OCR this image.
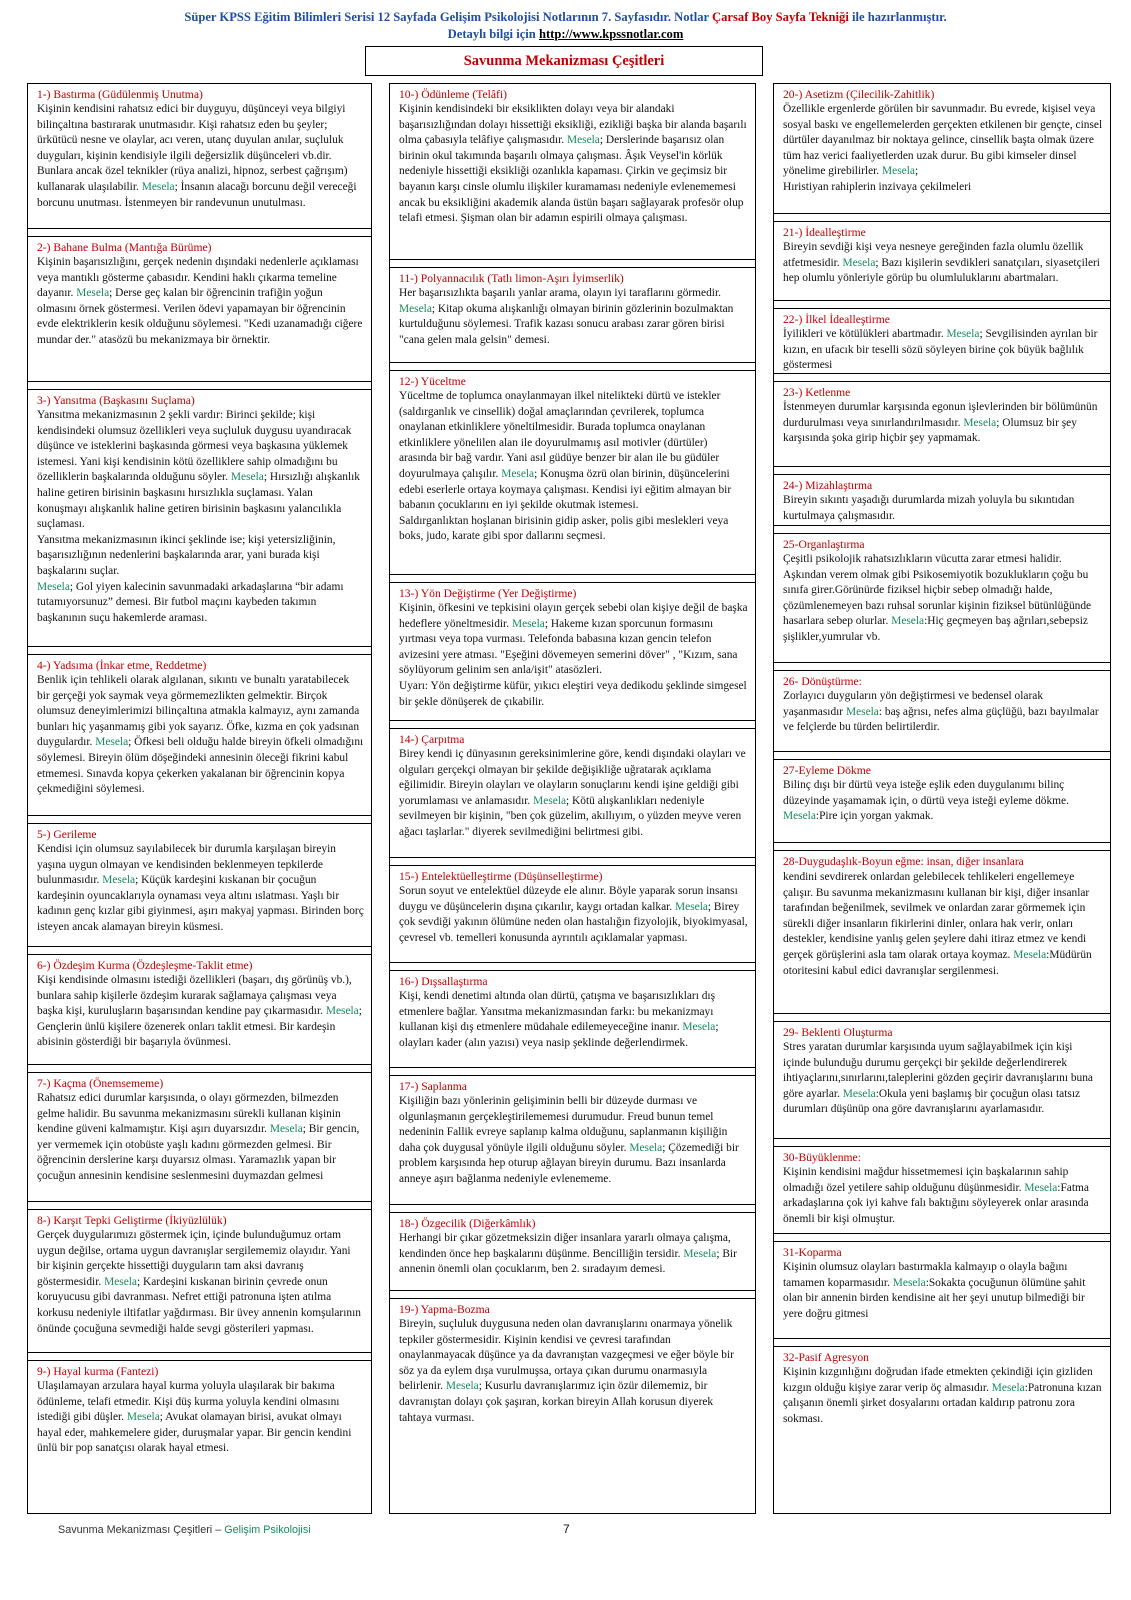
Süper KPSS Eğitim Bilimleri Serisi 12 Sayfada Gelişim Psikolojisi Notlarının 7. Sayfasıdır. Notlar Çarsaf Boy Sayfa Tekniği ile hazırlanmıştır.
Detaylı bilgi için http://www.kpssnotlar.com
Savunma Mekanizması Çeşitleri
1-) Bastırma (Güdülenmiş Unutma)
Kişinin kendisini rahatsız edici bir duyguyu, düşünceyi veya bilgiyi bilinçaltına bastırarak unutmasıdır. Kişi rahatsız eden bu şeyler; ürkütücü nesne ve olaylar, acı veren, utanç duyulan anılar, suçluluk duyguları, kişinin kendisiyle ilgili değersizlik düşünceleri vb.dir. Bunlara ancak özel teknikler (rüya analizi, hipnoz, serbest çağrışım) kullanarak ulaşılabilir. Mesela; İnsanın alacağı borcunu değil vereceği borcunu unutması. İstenmeyen bir randevunun unutulması.
2-) Bahane Bulma (Mantığa Bürüme)
Kişinin başarısızlığını, gerçek nedenin dışındaki nedenlerle açıklaması veya mantıklı gösterme çabasıdır. Kendini haklı çıkarma temeline dayanır. Mesela; Derse geç kalan bir öğrencinin trafiğin yoğun olmasını örnek göstermesi. Verilen ödevi yapamayan bir öğrencinin evde elektriklerin kesik olduğunu söylemesi. "Kedi uzanamadığı ciğere mundar der." atasözü bu mekanizmaya bir örnektir.
3-) Yansıtma (Başkasını Suçlama)
Yansıtma mekanizmasının 2 şekli vardır: Birinci şekilde; kişi kendisindeki olumsuz özellikleri veya suçluluk duygusu uyandıracak düşünce ve isteklerini başkasında görmesi veya başkasına yüklemek istemesi. Yani kişi kendisinin kötü özelliklere sahip olmadığını bu özelliklerin başkalarında olduğunu söyler. Mesela; Hırsızlığı alışkanlık haline getiren birisinin başkasını hırsızlıkla suçlaması. Yalan konuşmayı alışkanlık haline getiren birisinin başkasını yalancılıkla suçlaması.
Yansıtma mekanizmasının ikinci şeklinde ise; kişi yetersizliğinin, başarısızlığının nedenlerini başkalarında arar, yani burada kişi başkalarını suçlar.
Mesela; Gol yiyen kalecinin savunmadaki arkadaşlarına “bir adamı tutamıyorsunuz” demesi. Bir futbol maçını kaybeden takımın başkanının suçu hakemlerde araması.
4-) Yadsıma (İnkar etme, Reddetme)
Benlik için tehlikeli olarak algılanan, sıkıntı ve bunaltı yaratabilecek bir gerçeği yok saymak veya görmemezlikten gelmektir. Birçok olumsuz deneyimlerimizi bilinçaltına atmakla kalmayız, aynı zamanda bunları hiç yaşanmamış gibi yok sayarız. Öfke, kızma en çok yadsınan duygulardır. Mesela; Öfkesi beli olduğu halde bireyin öfkeli olmadığını söylemesi. Bireyin ölüm döşeğindeki annesinin öleceği fikrini kabul etmemesi. Sınavda kopya çekerken yakalanan bir öğrencinin kopya çekmediğini söylemesi.
5-) Gerileme
Kendisi için olumsuz sayılabilecek bir durumla karşılaşan bireyin yaşına uygun olmayan ve kendisinden beklenmeyen tepkilerde bulunmasıdır. Mesela; Küçük kardeşini kıskanan bir çocuğun kardeşinin oyuncaklarıyla oynaması veya altını ıslatması. Yaşlı bir kadının genç kızlar gibi giyinmesi, aşırı makyaj yapması. Birinden borç isteyen ancak alamayan bireyin küsmesi.
6-) Özdeşim Kurma (Özdeşleşme-Taklit etme)
Kişi kendisinde olmasını istediği özellikleri (başarı, dış görünüş vb.), bunlara sahip kişilerle özdeşim kurarak sağlamaya çalışması veya başka kişi, kuruluşların başarısından kendine pay çıkarmasıdır. Mesela; Gençlerin ünlü kişilere özenerek onları taklit etmesi. Bir kardeşin abisinin gösterdiği bir başarıyla övünmesi.
7-) Kaçma (Önemsememe)
Rahatsız edici durumlar karşısında, o olayı görmezden, bilmezden gelme halidir. Bu savunma mekanizmasını sürekli kullanan kişinin kendine güveni kalmamıştır. Kişi aşırı duyarsızdır. Mesela; Bir gencin, yer vermemek için otobüste yaşlı kadını görmezden gelmesi. Bir öğrencinin derslerine karşı duyarsız olması. Yaramazlık yapan bir çocuğun annesinin kendisine seslenmesini duymazdan gelmesi
8-) Karşıt Tepki Geliştirme (İkiyüzlülük)
Gerçek duygularımızı göstermek için, içinde bulunduğumuz ortam uygun değilse, ortama uygun davranışlar sergilememiz olayıdır. Yani bir kişinin gerçekte hissettiği duyguların tam aksi davranış göstermesidir. Mesela; Kardeşini kıskanan birinin çevrede onun koruyucusu gibi davranması. Nefret ettiği patronuna işten atılma korkusu nedeniyle iltifatlar yağdırması. Bir üvey annenin komşularının önünde çocuğuna sevmediği halde sevgi gösterileri yapması.
9-) Hayal kurma (Fantezi)
Ulaşılamayan arzulara hayal kurma yoluyla ulaşılarak bir bakıma ödünleme, telafi etmedir. Kişi düş kurma yoluyla kendini olmasını istediği gibi düşler. Mesela; Avukat olamayan birisi, avukat olmayı hayal eder, mahkemelere gider, duruşmalar yapar. Bir gencin kendini ünlü bir pop sanatçısı olarak hayal etmesi.
10-) Ödünleme (Telâfi)
Kişinin kendisindeki bir eksiklikten dolayı veya bir alandaki başarısızlığından dolayı hissettiği eksikliği, ezikliği başka bir alanda başarılı olma çabasıyla telâfiye çalışmasıdır. Mesela; Derslerinde başarısız olan birinin okul takımında başarılı olmaya çalışması. Âşık Veysel'in körlük nedeniyle hissettiği eksikliği ozanlıkla kapaması. Çirkin ve geçimsiz bir bayanın karşı cinsle olumlu ilişkiler kuramaması nedeniyle evlenememesi ancak bu eksikliğini akademik alanda üstün başarı sağlayarak profesör olup telafi etmesi. Şişman olan bir adamın espirili olmaya çalışması.
11-) Polyannacılık (Tatlı limon-Aşırı İyimserlik)
Her başarısızlıkta başarılı yanlar arama, olayın iyi taraflarını görmedir. Mesela; Kitap okuma alışkanlığı olmayan birinin gözlerinin bozulmaktan kurtulduğunu söylemesi. Trafik kazası sonucu arabası zarar gören birisi "cana gelen mala gelsin" demesi.
12-) Yüceltme
Yüceltme de toplumca onaylanmayan ilkel nitelikteki dürtü ve istekler (saldırganlık ve cinsellik) doğal amaçlarından çevrilerek, toplumca onaylanan etkinliklere yöneltilmesidir. Burada toplumca onaylanan etkinliklere yönelilen alan ile doyurulmamış asıl motivler (dürtüler) arasında bir bağ vardır. Yani asıl güdüye benzer bir alan ile bu güdüler doyurulmaya çalışılır. Mesela; Konuşma özrü olan birinin, düşüncelerini edebi eserlerle ortaya koymaya çalışması. Kendisi iyi eğitim almayan bir babanın çocuklarını en iyi şekilde okutmak istemesi.
Saldırganlıktan hoşlanan birisinin gidip asker, polis gibi meslekleri veya boks, judo, karate gibi spor dallarını seçmesi.
13-) Yön Değiştirme (Yer Değiştirme)
Kişinin, öfkesini ve tepkisini olayın gerçek sebebi olan kişiye değil de başka hedeflere yöneltmesidir. Mesela; Hakeme kızan sporcunun formasını yırtması veya topa vurması. Telefonda babasına kızan gencin telefon avizesini yere atması. "Eşeğini dövemeyen semerini döver" , "Kızım, sana söylüyorum gelinim sen anla/işit" atasözleri.
Uyarı: Yön değiştirme küfür, yıkıcı eleştiri veya dedikodu şeklinde simgesel bir şekle dönüşerek de çıkabilir.
14-) Çarpıtma
Birey kendi iç dünyasının gereksinimlerine göre, kendi dışındaki olayları ve olguları gerçekçi olmayan bir şekilde değişikliğe uğratarak açıklama eğilimidir. Bireyin olayları ve olayların sonuçlarını kendi işine geldiği gibi yorumlaması ve anlamasıdır. Mesela; Kötü alışkanlıkları nedeniyle sevilmeyen bir kişinin, "ben çok güzelim, akıllıyım, o yüzden meyve veren ağacı taşlarlar." diyerek sevilmediğini belirtmesi gibi.
15-) Entelektüelleştirme (Düşünselleştirme)
Sorun soyut ve entelektüel düzeyde ele alınır. Böyle yaparak sorun insansı duygu ve düşüncelerin dışına çıkarılır, kaygı ortadan kalkar. Mesela; Birey çok sevdiği yakının ölümüne neden olan hastalığın fizyolojik, biyokimyasal, çevresel vb. temelleri konusunda ayrıntılı açıklamalar yapması.
16-) Dışsallaştırma
Kişi, kendi denetimi altında olan dürtü, çatışma ve başarısızlıkları dış etmenlere bağlar. Yansıtma mekanizmasından farkı: bu mekanizmayı kullanan kişi dış etmenlere müdahale edilemeyeceğine inanır. Mesela; olayları kader (alın yazısı) veya nasip şeklinde değerlendirmek.
17-) Saplanma
Kişiliğin bazı yönlerinin gelişiminin belli bir düzeyde durması ve olgunlaşmanın gerçekleştirilememesi durumudur. Freud bunun temel nedeninin Fallik evreye saplanıp kalma olduğunu, saplanmanın kişiliğin daha çok duygusal yönüyle ilgili olduğunu söyler. Mesela; Çözemediği bir problem karşısında hep oturup ağlayan bireyin durumu. Bazı insanlarda anneye aşırı bağlanma nedeniyle evlenememe.
18-) Özgecilik (Diğerkâmlık)
Herhangi bir çıkar gözetmeksizin diğer insanlara yararlı olmaya çalışma, kendinden önce hep başkalarını düşünme. Bencilliğin tersidir. Mesela; Bir annenin önemli olan çocuklarım, ben 2. sıradayım demesi.
19-) Yapma-Bozma
Bireyin, suçluluk duygusuna neden olan davranışlarını onarmaya yönelik tepkiler göstermesidir. Kişinin kendisi ve çevresi tarafından onaylanmayacak düşünce ya da davranıştan vazgeçmesi ve eğer böyle bir söz ya da eylem dışa vurulmuşsa, ortaya çıkan durumu onarmasıyla belirlenir. Mesela; Kusurlu davranışlarımız için özür dilememiz, bir davranıştan dolayı çok şaşıran, korkan bireyin Allah korusun diyerek tahtaya vurması.
20-) Asetizm (Çilecilik-Zahitlik)
Özellikle ergenlerde görülen bir savunmadır. Bu evrede, kişisel veya sosyal baskı ve engellemelerden gerçekten etkilenen bir gençte, cinsel dürtüler dayanılmaz bir noktaya gelince, cinsellik başta olmak üzere tüm haz verici faaliyetlerden uzak durur. Bu gibi kimseler dinsel yönelime girebilirler. Mesela;
Hıristiyan rahiplerin inzivaya çekilmeleri
21-) İdealleştirme
Bireyin sevdiği kişi veya nesneye gereğinden fazla olumlu özellik atfetmesidir. Mesela; Bazı kişilerin sevdikleri sanatçıları, siyasetçileri hep olumlu yönleriyle görüp bu olumluluklarını abartmaları.
22-) İlkel İdealleştirme
İyilikleri ve kötülükleri abartmadır. Mesela; Sevgilisinden ayrılan bir kızın, en ufacık bir teselli sözü söyleyen birine çok büyük bağlılık göstermesi
23-) Ketlenme
İstenmeyen durumlar karşısında egonun işlevlerinden bir bölümünün durdurulması veya sınırlandırılmasıdır. Mesela; Olumsuz bir şey karşısında şoka girip hiçbir şey yapmamak.
24-) Mizahlaştırma
Bireyin sıkıntı yaşadığı durumlarda mizah yoluyla bu sıkıntıdan kurtulmaya çalışmasıdır.
25-Organlaştırma
Çeşitli psikolojik rahatsızlıkların vücutta zarar etmesi halidir. Aşkından verem olmak gibi Psikosemiyotik bozuklukların çoğu bu sınıfa girer.Görünürde fiziksel hiçbir sebep olmadığı halde, çözümlenemeyen bazı ruhsal sorunlar kişinin fiziksel bütünlüğünde hasarlara sebep olurlar. Mesela:Hiç geçmeyen baş ağrıları,sebepsiz şişlikler,yumrular vb.
26- Dönüştürme:
Zorlayıcı duyguların yön değiştirmesi ve bedensel olarak yaşanmasıdır Mesela: baş ağrısı, nefes alma güçlüğü, bazı bayılmalar ve felçlerde bu türden belirtilerdir.
27-Eyleme Dökme
Bilinç dışı bir dürtü veya isteğe eşlik eden duygulanımı bilinç düzeyinde yaşamamak için, o dürtü veya isteği eyleme dökme. Mesela:Pire için yorgan yakmak.
28-Duygudaşlık-Boyun eğme: insan, diğer insanlara
kendini sevdirerek onlardan gelebilecek tehlikeleri engellemeye çalışır. Bu savunma mekanizmasını kullanan bir kişi, diğer insanlar tarafından beğenilmek, sevilmek ve onlardan zarar görmemek için sürekli diğer insanların fikirlerini dinler, onlara hak verir, onları destekler, kendisine yanlış gelen şeylere dahi itiraz etmez ve kendi gerçek görüşlerini asla tam olarak ortaya koymaz. Mesela:Müdürün otoritesini kabul edici davranışlar sergilenmesi.
29- Beklenti Oluşturma
Stres yaratan durumlar karşısında uyum sağlayabilmek için kişi içinde bulunduğu durumu gerçekçi bir şekilde değerlendirerek ihtiyaçlarını,sınırlarını,taleplerini gözden geçirir davranışlarını buna göre ayarlar. Mesela:Okula yeni başlamış bir çocuğun olası tatsız durumları düşünüp ona göre davranışlarını ayarlamasıdır.
30-Büyüklenme:
Kişinin kendisini mağdur hissetmemesi için başkalarının sahip olmadığı özel yetilere sahip olduğunu düşünmesidir. Mesela:Fatma arkadaşlarına çok iyi kahve falı baktığını söyleyerek onlar arasında önemli bir kişi olmuştur.
31-Koparma
Kişinin olumsuz olayları bastırmakla kalmayıp o olayla bağını tamamen koparmasıdır. Mesela:Sokakta çocuğunun ölümüne şahit olan bir annenin birden kendisine ait her şeyi unutup bilmediği bir yere doğru gitmesi
32-Pasif Agresyon
Kişinin kızgınlığını doğrudan ifade etmekten çekindiği için gizliden kızgın olduğu kişiye zarar verip öç almasıdır. Mesela:Patronuna kızan çalışanın önemli şirket dosyalarını ortadan kaldırıp patronu zora sokması.
Savunma Mekanizması Çeşitleri – Gelişim Psikolojisi	7
